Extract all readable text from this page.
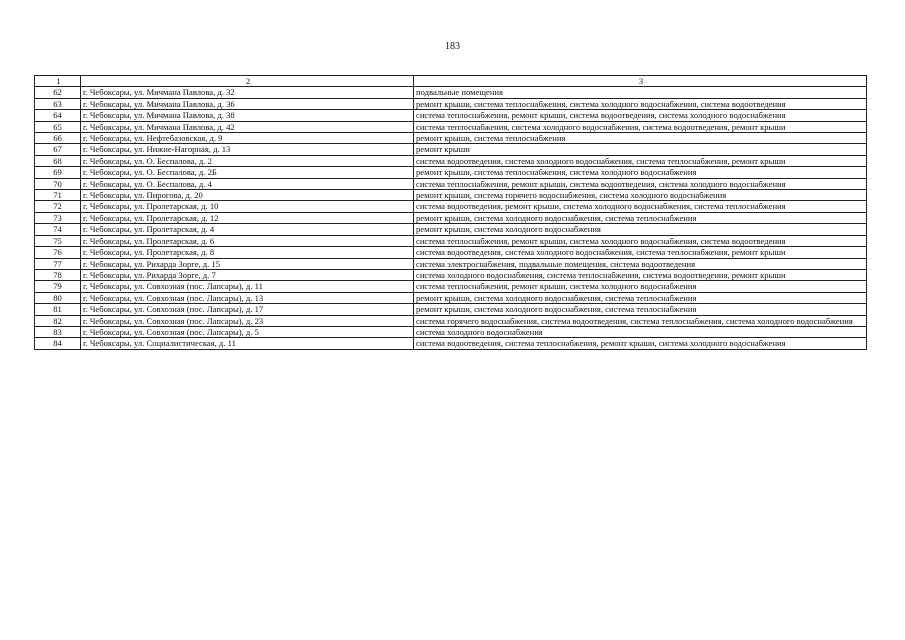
183
1	2	3
62	г. Чебоксары, ул. Мичмана Павлова, д. 32	подвальные помещения
63	г. Чебоксары, ул. Мичмана Павлова, д. 36	ремонт крыши, система теплоснабжения, система холодного водоснабжения, система водоотведения
64	г. Чебоксары, ул. Мичмана Павлова, д. 38	система теплоснабжения, ремонт крыши, система водоотведения, система холодного водоснабжения
65	г. Чебоксары, ул. Мичмана Павлова, д. 42	система теплоснабжения, система холодного водоснабжения, система водоотведения, ремонт крыши
66	г. Чебоксары, ул. Нефтебазовская, д. 9	ремонт крыши, система теплоснабжения
67	г. Чебоксары, ул. Нижне-Нагорная, д. 13	ремонт крыши
68	г. Чебоксары, ул. О. Беспалова, д. 2	система водоотведения, система холодного водоснабжения, система теплоснабжения, ремонт крыши
69	г. Чебоксары, ул. О. Беспалова, д. 2Б	ремонт крыши, система теплоснабжения, система холодного водоснабжения
70	г. Чебоксары, ул. О. Беспалова, д. 4	система теплоснабжения, ремонт крыши, система водоотведения, система холодного водоснабжения
71	г. Чебоксары, ул. Пирогова, д. 20	ремонт крыши, система горячего водоснабжения, система холодного водоснабжения
72	г. Чебоксары, ул. Пролетарская, д. 10	система водоотведения, ремонт крыши, система холодного водоснабжения, система теплоснабжения
73	г. Чебоксары, ул. Пролетарская, д. 12	ремонт крыши, система холодного водоснабжения, система теплоснабжения
74	г. Чебоксары, ул. Пролетарская, д. 4	ремонт крыши, система холодного водоснабжения
75	г. Чебоксары, ул. Пролетарская, д. 6	система теплоснабжения, ремонт крыши, система холодного водоснабжения, система водоотведения
76	г. Чебоксары, ул. Пролетарская, д. 8	система водоотведения, система холодного водоснабжения, система теплоснабжения, ремонт крыши
77	г. Чебоксары, ул. Рихарда Зорге, д. 15	система электроснабжения, подвальные помещения, система водоотведения
78	г. Чебоксары, ул. Рихарда Зорге, д. 7	система холодного водоснабжения, система теплоснабжения, система водоотведения, ремонт крыши
79	г. Чебоксары, ул. Совхозная (пос. Лапсары), д. 11	система теплоснабжения, ремонт крыши, система холодного водоснабжения
80	г. Чебоксары, ул. Совхозная (пос. Лапсары), д. 13	ремонт крыши, система холодного водоснабжения, система теплоснабжения
81	г. Чебоксары, ул. Совхозная (пос. Лапсары), д. 17	ремонт крыши, система холодного водоснабжения, система теплоснабжения
82	г. Чебоксары, ул. Совхозная (пос. Лапсары), д. 23	система горячего водоснабжения, система водоотведения, система теплоснабжения, система холодного водоснабжения
83	г. Чебоксары, ул. Совхозная (пос. Лапсары), д. 5	система холодного водоснабжения
84	г. Чебоксары, ул. Социалистическая, д. 11	система водоотведения, система теплоснабжения, ремонт крыши, система холодного водоснабжения
